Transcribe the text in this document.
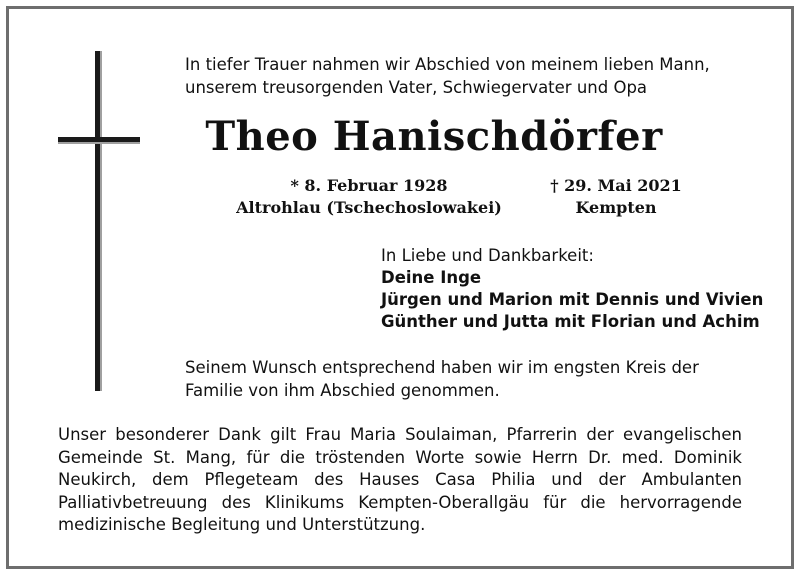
In tiefer Trauer nahmen wir Abschied von meinem lieben Mann,
unserem treusorgenden Vater, Schwiegervater und Opa
Theo Hanischdörfer
* 8. Februar 1928
Altrohlau (Tschechoslowakei)
† 29. Mai 2021
Kempten
In Liebe und Dankbarkeit:
Deine Inge
Jürgen und Marion mit Dennis und Vivien
Günther und Jutta mit Florian und Achim
Seinem Wunsch entsprechend haben wir im engsten Kreis der
Familie von ihm Abschied genommen.
Unser besonderer Dank gilt Frau Maria Soulaiman, Pfarrerin der evangelischen
Gemeinde St. Mang, für die tröstenden Worte sowie Herrn Dr. med. Dominik
Neukirch, dem Pflegeteam des Hauses Casa Philia und der Ambulanten
Palliativbetreuung des Klinikums Kempten-Oberallgäu für die hervorragende
medizinische Begleitung und Unterstützung.
